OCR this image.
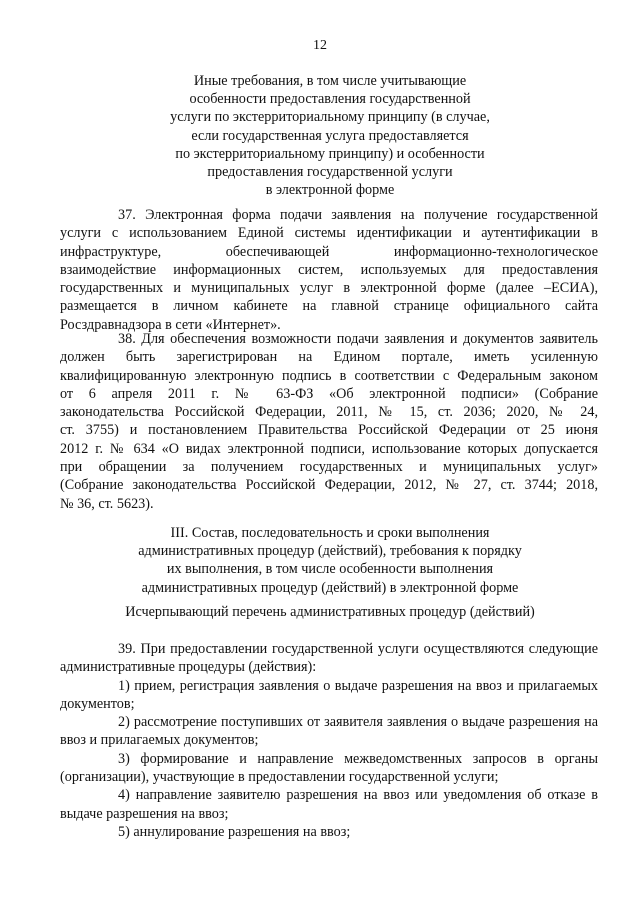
12
Иные требования, в том числе учитывающие
особенности предоставления государственной
услуги по экстерриториальному принципу (в случае,
если государственная услуга предоставляется
по экстерриториальному принципу) и особенности
предоставления государственной услуги
в электронной форме
37. Электронная форма подачи заявления на получение государственной
услуги с использованием Единой системы идентификации и аутентификации в
инфраструктуре, обеспечивающей информационно-технологическое
взаимодействие информационных систем, используемых для предоставления
государственных и муниципальных услуг в электронной форме (далее –ЕСИА),
размещается в личном кабинете на главной странице официального сайта
Росздравнадзора в сети «Интернет».
38. Для обеспечения возможности подачи заявления и документов заявитель
должен быть зарегистрирован на Едином портале, иметь усиленную
квалифицированную электронную подпись в соответствии с Федеральным законом
от 6 апреля 2011 г. № 63-ФЗ «Об электронной подписи» (Собрание
законодательства Российской Федерации, 2011, № 15, ст. 2036; 2020, № 24,
ст. 3755) и постановлением Правительства Российской Федерации от 25 июня
2012 г. № 634 «О видах электронной подписи, использование которых допускается
при обращении за получением государственных и муниципальных услуг»
(Собрание законодательства Российской Федерации, 2012, № 27, ст. 3744; 2018,
№ 36, ст. 5623).
III. Состав, последовательность и сроки выполнения
административных процедур (действий), требования к порядку
их выполнения, в том числе особенности выполнения
административных процедур (действий) в электронной форме
Исчерпывающий перечень административных процедур (действий)
39. При предоставлении государственной услуги осуществляются следующие
административные процедуры (действия):
1) прием, регистрация заявления о выдаче разрешения на ввоз и прилагаемых
документов;
2) рассмотрение поступивших от заявителя заявления о выдаче разрешения на
ввоз и прилагаемых документов;
3) формирование и направление межведомственных запросов в органы
(организации), участвующие в предоставлении государственной услуги;
4) направление заявителю разрешения на ввоз или уведомления об отказе в
выдаче разрешения на ввоз;
5) аннулирование разрешения на ввоз;
